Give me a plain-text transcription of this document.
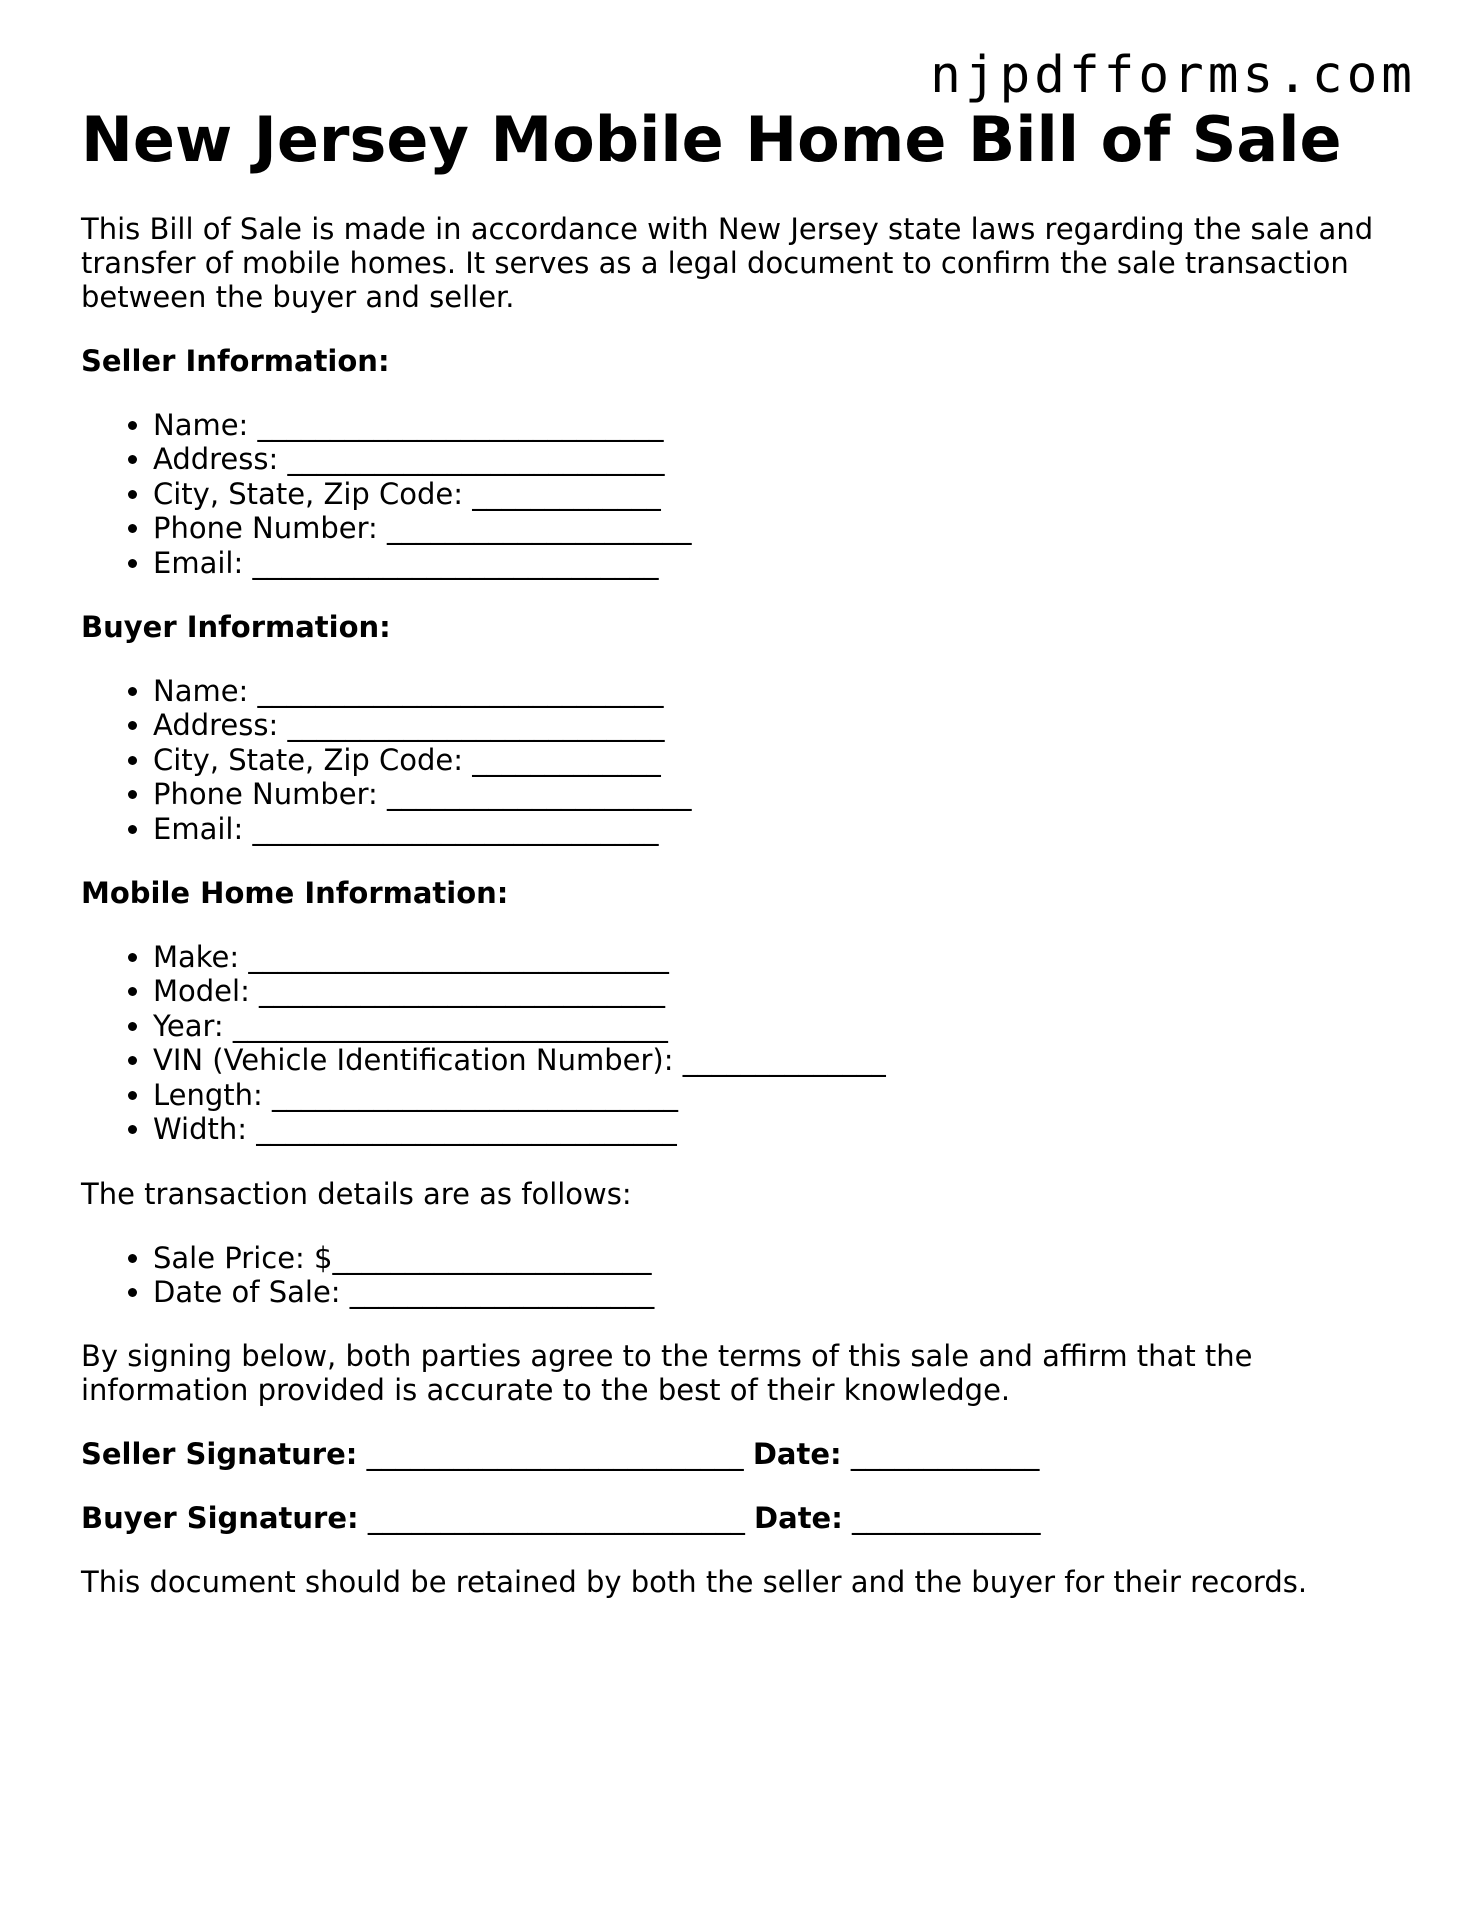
njpdfforms.com
New Jersey Mobile Home Bill of Sale

This Bill of Sale is made in accordance with New Jersey state laws regarding the sale and transfer of mobile homes. It serves as a legal document to confirm the sale transaction between the buyer and seller.

Seller Information:
• Name: ____________________________
• Address: __________________________
• City, State, Zip Code: _____________
• Phone Number: _____________________
• Email: ____________________________
Buyer Information:
• Name: ____________________________
• Address: __________________________
• City, State, Zip Code: _____________
• Phone Number: _____________________
• Email: ____________________________
Mobile Home Information:
• Make: _____________________________
• Model: ____________________________
• Year: ______________________________
• VIN (Vehicle Identification Number): ______________
• Length: ____________________________
• Width: _____________________________

The transaction details are as follows:

• Sale Price: $______________________
• Date of Sale: _____________________

By signing below, both parties agree to the terms of this sale and affirm that the information provided is accurate to the best of their knowledge.

Seller Signature: __________________________ Date: _____________
Buyer Signature: __________________________ Date: _____________

This document should be retained by both the seller and the buyer for their records.
